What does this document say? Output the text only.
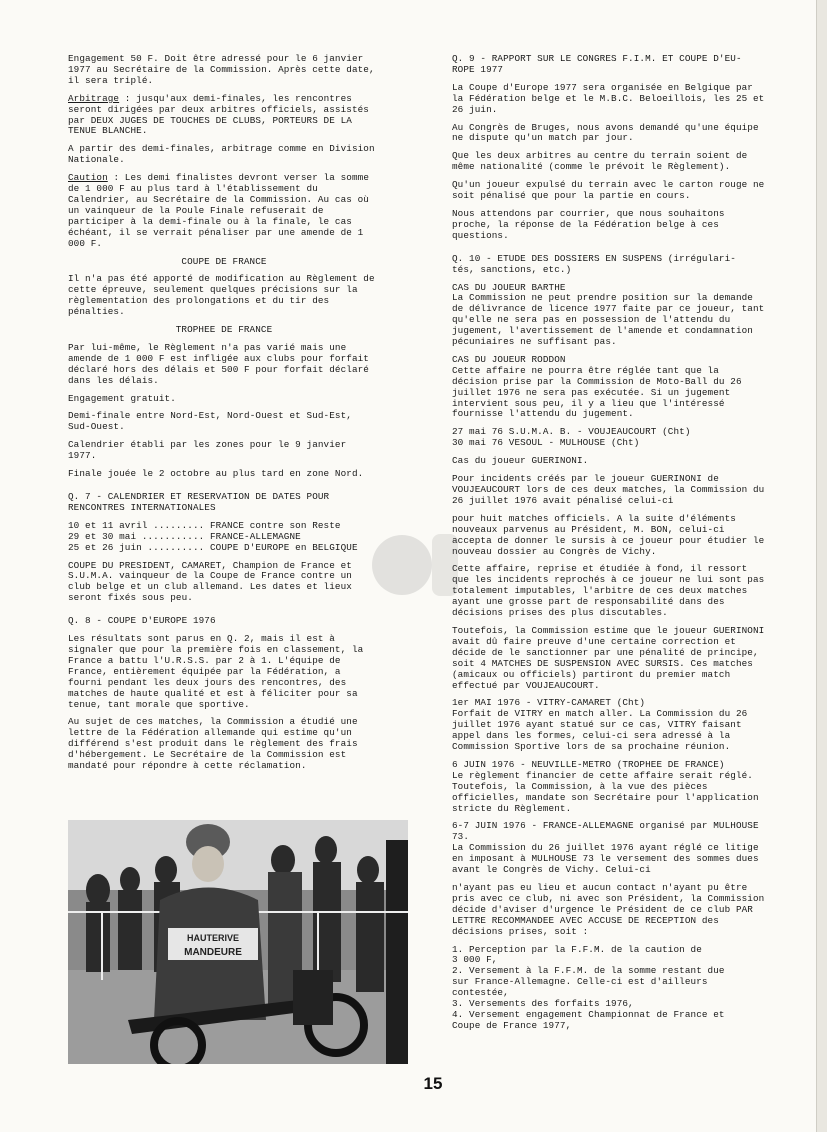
Engagement 50 F. Doit être adressé pour le 6 janvier 1977 au Secrétaire de la Commission. Après cette date, il sera triplé.

Arbitrage : jusqu'aux demi-finales, les rencontres seront dirigées par deux arbitres officiels, assistés par DEUX JUGES DE TOUCHES DE CLUBS, PORTEURS DE LA TENUE BLANCHE.

A partir des demi-finales, arbitrage comme en Division Nationale.

Caution : Les demi finalistes devront verser la somme de 1 000 F au plus tard à l'établissement du Calendrier, au Secrétaire de la Commission. Au cas où un vainqueur de la Poule Finale refuserait de participer à la demi-finale ou à la finale, le cas échéant, il se verrait pénaliser par une amende de 1 000 F.

COUPE DE FRANCE

Il n'a pas été apporté de modification au Règlement de cette épreuve, seulement quelques précisions sur la règlementation des prolongations et du tir des pénalties.

TROPHEE DE FRANCE

Par lui-même, le Règlement n'a pas varié mais une amende de 1 000 F est infligée aux clubs pour forfait déclaré hors des délais et 500 F pour forfait déclaré dans les délais.

Engagement gratuit.

Demi-finale entre Nord-Est, Nord-Ouest et Sud-Est, Sud-Ouest.

Calendrier établi par les zones pour le 9 janvier 1977.

Finale jouée le 2 octobre au plus tard en zone Nord.

Q. 7 - CALENDRIER ET RESERVATION DE DATES POUR
RENCONTRES INTERNATIONALES

10 et 11 avril ......... FRANCE contre son Reste
29 et 30 mai ........... FRANCE-ALLEMAGNE
25 et 26 juin .......... COUPE D'EUROPE en BELGIQUE

COUPE DU PRESIDENT, CAMARET, Champion de France et S.U.M.A. vainqueur de la Coupe de France contre un club belge et un club allemand. Les dates et lieux seront fixés sous peu.

Q. 8 - COUPE D'EUROPE 1976

Les résultats sont parus en Q. 2, mais il est à signaler que pour la première fois en classement, la France a battu l'U.R.S.S. par 2 à 1. L'équipe de France, entièrement équipée par la Fédération, a fourni pendant les deux jours des rencontres, des matches de haute qualité et est à féliciter pour sa tenue, tant morale que sportive.

Au sujet de ces matches, la Commission a étudié une lettre de la Fédération allemande qui estime qu'un différend s'est produit dans le règlement des frais d'hébergement. Le Secrétaire de la Commission est mandaté pour répondre à cette réclamation.

Q. 9 - RAPPORT SUR LE CONGRES F.I.M. ET COUPE D'EU-
ROPE 1977

La Coupe d'Europe 1977 sera organisée en Belgique par la Fédération belge et le M.B.C. Beloeillois, les 25 et 26 juin.

Au Congrès de Bruges, nous avons demandé qu'une équipe ne dispute qu'un match par jour.

Que les deux arbitres au centre du terrain soient de même nationalité (comme le prévoit le Règlement).

Qu'un joueur expulsé du terrain avec le carton rouge ne soit pénalisé que pour la partie en cours.

Nous attendons par courrier, que nous souhaitons proche, la réponse de la Fédération belge à ces questions.

Q. 10 - ETUDE DES DOSSIERS EN SUSPENS (irrégulari-
tés, sanctions, etc.)

CAS DU JOUEUR BARTHE
La Commission ne peut prendre position sur la demande de délivrance de licence 1977 faite par ce joueur, tant qu'elle ne sera pas en possession de l'attendu du jugement, l'avertissement de l'amende et condamnation pécuniaires ne suffisant pas.

CAS DU JOUEUR RODDON
Cette affaire ne pourra être réglée tant que la décision prise par la Commission de Moto-Ball du 26 juillet 1976 ne sera pas exécutée. Si un jugement intervient sous peu, il y a lieu que l'intéressé fournisse l'attendu du jugement.

27 mai 76 S.U.M.A. B. - VOUJEAUCOURT (Cht)
30 mai 76 VESOUL - MULHOUSE (Cht)

Cas du joueur GUERINONI.

Pour incidents créés par le joueur GUERINONI de VOUJEAUCOURT lors de ces deux matches, la Commission du 26 juillet 1976 avait pénalisé celui-ci

pour huit matches officiels. A la suite d'éléments nouveaux parvenus au Président, M. BON, celui-ci accepta de donner le sursis à ce joueur pour étudier le nouveau dossier au Congrès de Vichy.

Cette affaire, reprise et étudiée à fond, il ressort que les incidents reprochés à ce joueur ne lui sont pas totalement imputables, l'arbitre de ces deux matches ayant une grosse part de responsabilité dans des décisions prises des plus discutables.

Toutefois, la Commission estime que le joueur GUERINONI avait dû faire preuve d'une certaine correction et décide de le sanctionner par une pénalité de principe, soit 4 MATCHES DE SUSPENSION AVEC SURSIS. Ces matches (amicaux ou officiels) partiront du premier match effectué par VOUJEAUCOURT.

1er MAI 1976 - VITRY-CAMARET (Cht)
Forfait de VITRY en match aller. La Commission du 26 juillet 1976 ayant statué sur ce cas, VITRY faisant appel dans les formes, celui-ci sera adressé à la Commission Sportive lors de sa prochaine réunion.

6 JUIN 1976 - NEUVILLE-METRO (TROPHEE DE FRANCE)
Le règlement financier de cette affaire serait réglé. Toutefois, la Commission, à la vue des pièces officielles, mandate son Secrétaire pour l'application stricte du Règlement.

6-7 JUIN 1976 - FRANCE-ALLEMAGNE organisé par MULHOUSE 73.
La Commission du 26 juillet 1976 ayant réglé ce litige en imposant à MULHOUSE 73 le versement des sommes dues avant le Congrès de Vichy. Celui-ci

n'ayant pas eu lieu et aucun contact n'ayant pu être pris avec ce club, ni avec son Président, la Commission décide d'aviser d'urgence le Président de ce club PAR LETTRE RECOMMANDEE AVEC ACCUSE DE RECEPTION des décisions prises, soit :

1. Perception par la F.F.M. de la caution de
3 000 F,
2. Versement à la F.F.M. de la somme restant due
sur France-Allemagne. Celle-ci est d'ailleurs
contestée,
3. Versements des forfaits 1976,
4. Versement engagement Championnat de France et
Coupe de France 1977,

HAUTERIVE
MANDEURE
15
